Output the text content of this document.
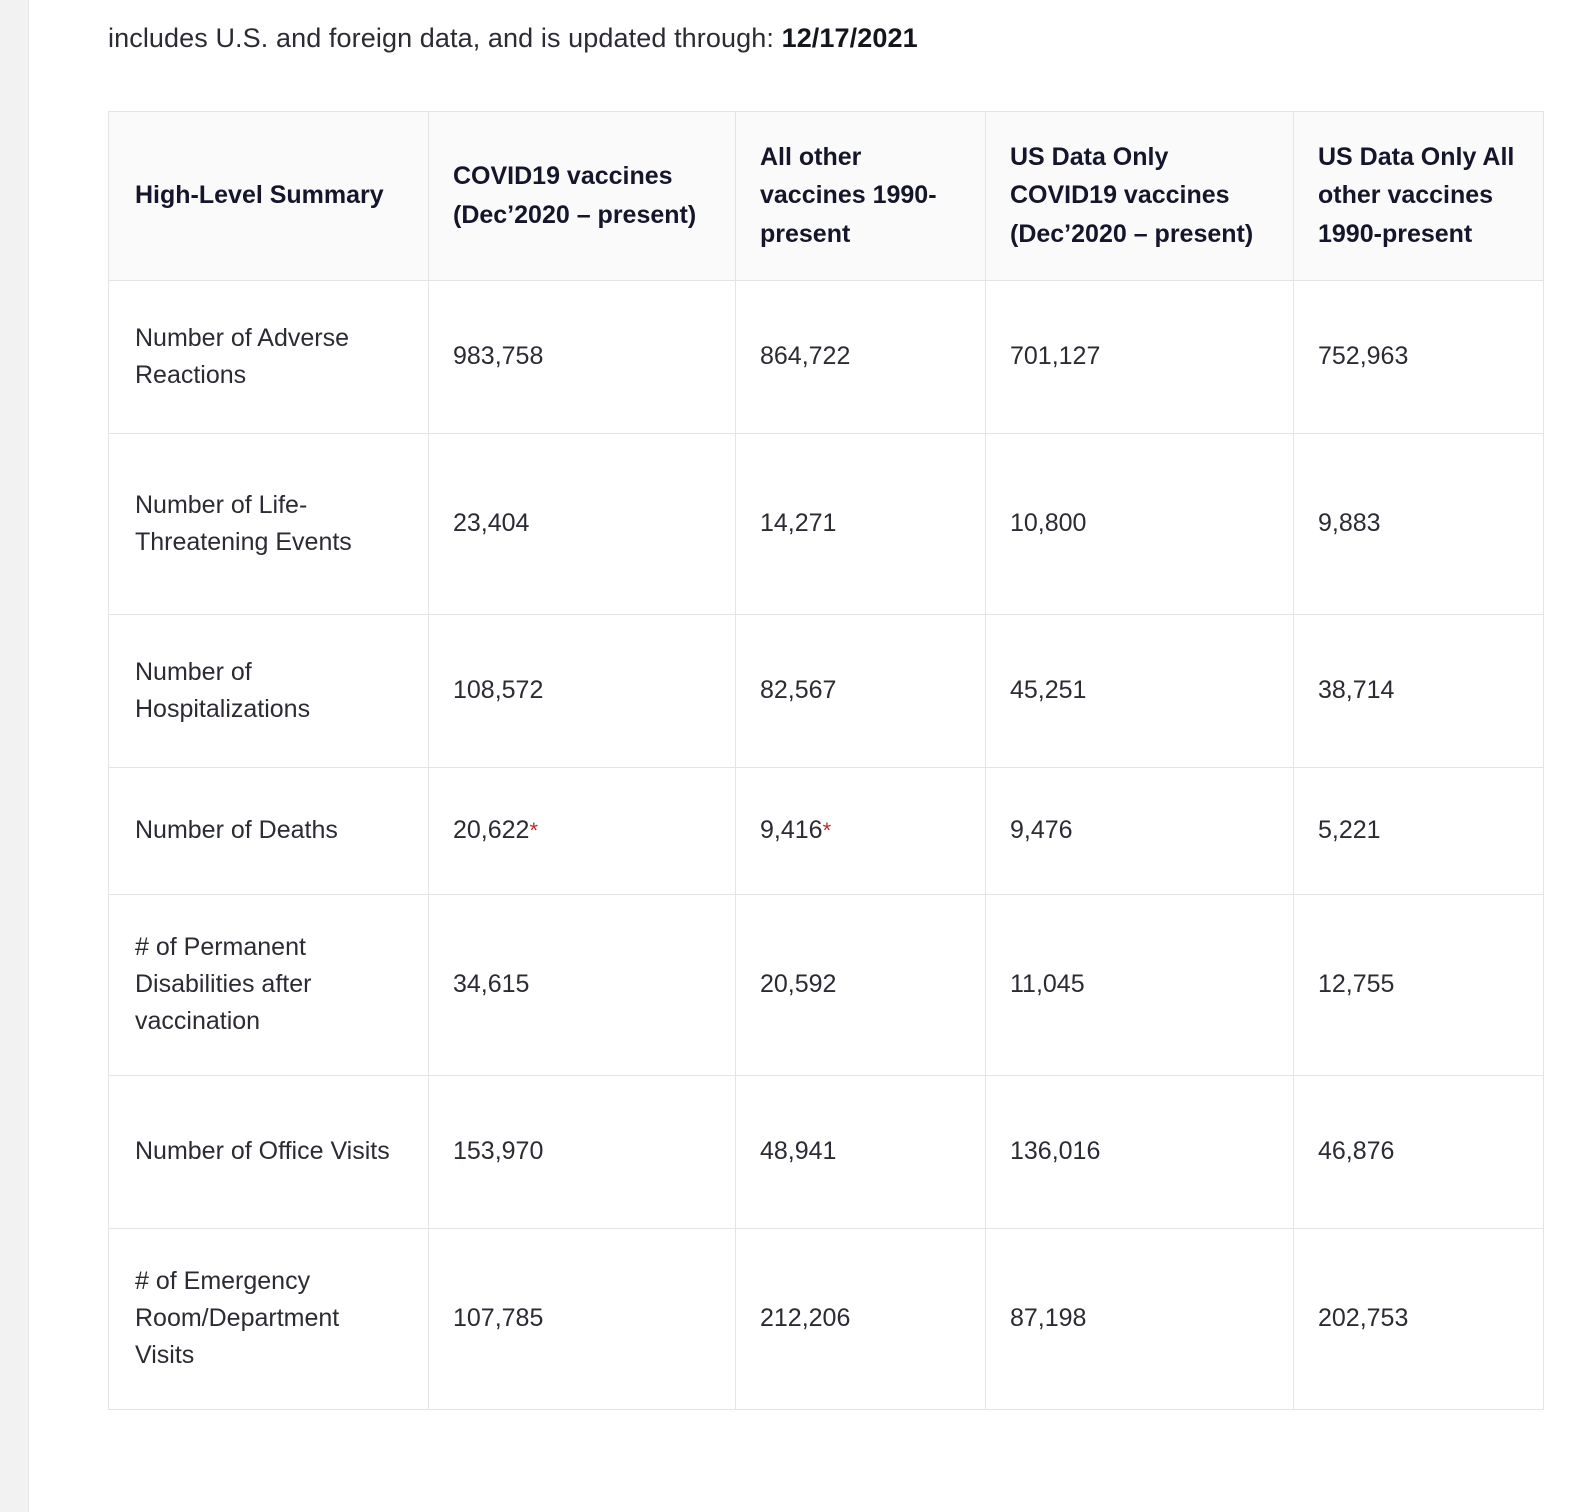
includes U.S. and foreign data, and is updated through: 12/17/2021

High-Level Summary	COVID19 vaccines (Dec’2020 – present)	All other vaccines 1990-present	US Data Only COVID19 vaccines (Dec’2020 – present)	US Data Only All other vaccines 1990-present
Number of Adverse Reactions	983,758	864,722	701,127	752,963
Number of Life-Threatening Events	23,404	14,271	10,800	9,883
Number of Hospitalizations	108,572	82,567	45,251	38,714
Number of Deaths	20,622*	9,416*	9,476	5,221
# of Permanent Disabilities after vaccination	34,615	20,592	11,045	12,755
Number of Office Visits	153,970	48,941	136,016	46,876
# of Emergency Room/Department Visits	107,785	212,206	87,198	202,753
